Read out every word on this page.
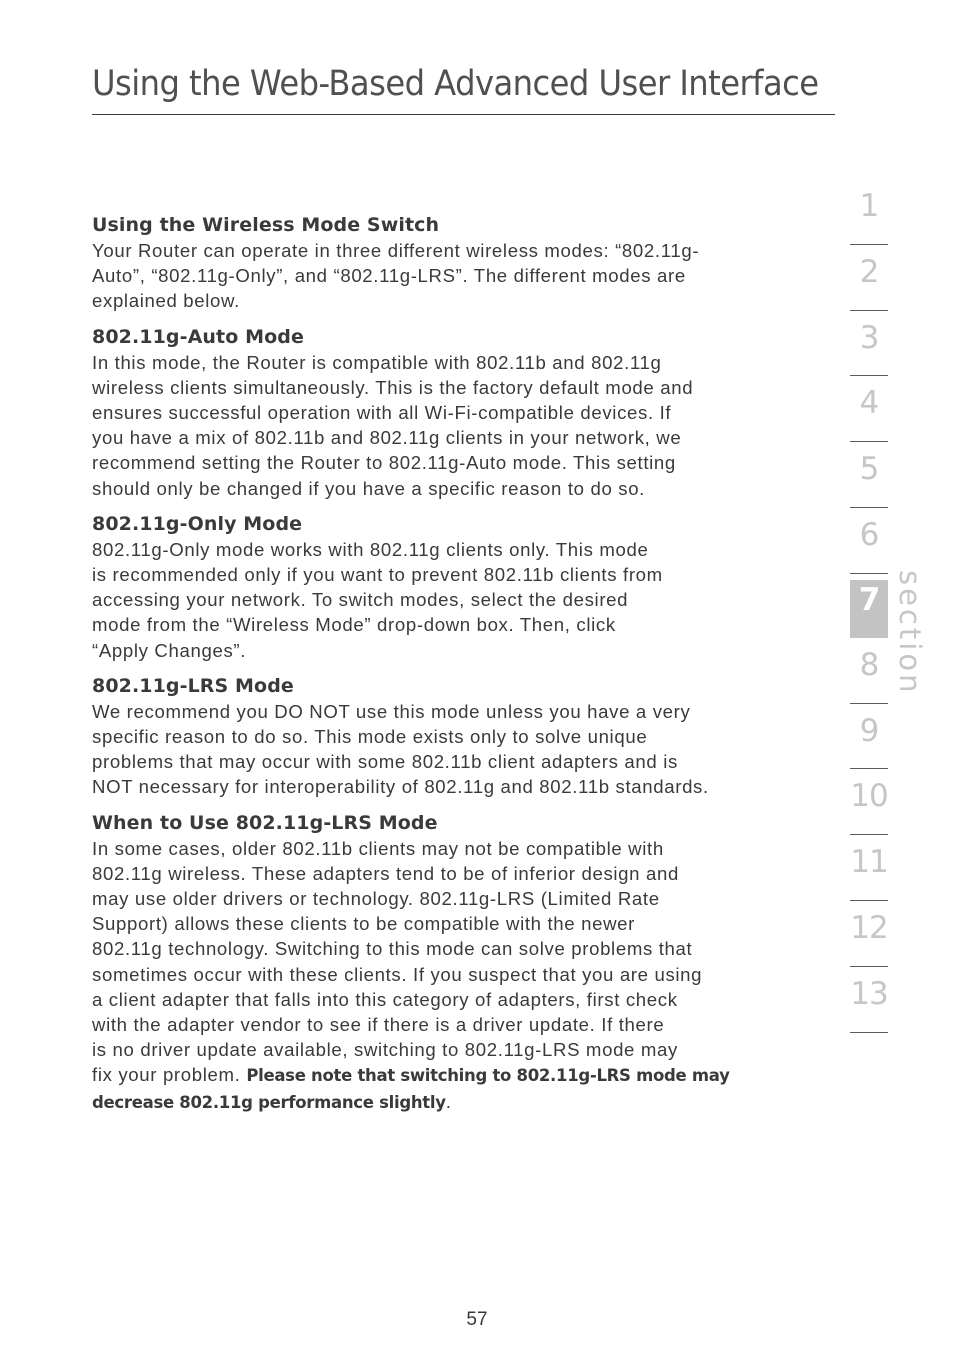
Using the Web-Based Advanced User Interface
Using the Wireless Mode Switch

Your Router can operate in three different wireless modes: “802.11g-
Auto”, “802.11g-Only”, and “802.11g-LRS”. The different modes are
explained below.

802.11g-Auto Mode

In this mode, the Router is compatible with 802.11b and 802.11g
wireless clients simultaneously. This is the factory default mode and
ensures successful operation with all Wi-Fi-compatible devices. If
you have a mix of 802.11b and 802.11g clients in your network, we
recommend setting the Router to 802.11g-Auto mode. This setting
should only be changed if you have a specific reason to do so.

802.11g-Only Mode

802.11g-Only mode works with 802.11g clients only. This mode
is recommended only if you want to prevent 802.11b clients from
accessing your network. To switch modes, select the desired
mode from the “Wireless Mode” drop-down box. Then, click
“Apply Changes”.

802.11g-LRS Mode

We recommend you DO NOT use this mode unless you have a very
specific reason to do so. This mode exists only to solve unique
problems that may occur with some 802.11b client adapters and is
NOT necessary for interoperability of 802.11g and 802.11b standards.

When to Use 802.11g-LRS Mode

In some cases, older 802.11b clients may not be compatible with
802.11g wireless. These adapters tend to be of inferior design and
may use older drivers or technology. 802.11g-LRS (Limited Rate
Support) allows these clients to be compatible with the newer
802.11g technology. Switching to this mode can solve problems that
sometimes occur with these clients. If you suspect that you are using
a client adapter that falls into this category of adapters, first check
with the adapter vendor to see if there is a driver update. If there
is no driver update available, switching to 802.11g-LRS mode may
fix your problem. Please note that switching to 802.11g-LRS mode may
decrease 802.11g performance slightly.

1
2
3
4
5
6
7
8
9
10
11
12
13
section
57
